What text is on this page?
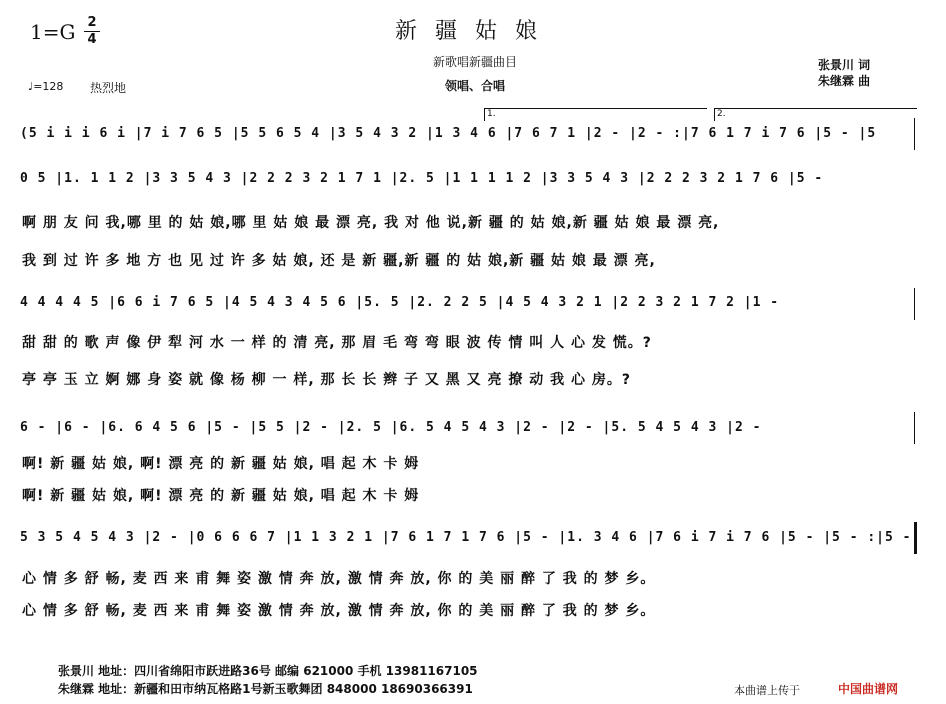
1=G 2
4	新疆姑娘
新歌唱新疆曲目
领唱、合唱
张景川 词
朱继霖 曲
♩=128 热烈地
1.	2.
(5 i i i 6 i |7 i 7 6 5 |5 5 6 5 4 |3 5 4 3 2 |1 3 4 6 |7 6 7 1 |2 - |2 - :|7 6 1 7 i 7 6 |5 - |5
0 5 |1. 1 1 2 |3 3 5 4 3 |2 2 2 3 2 1 7 1 |2. 5 |1 1 1 1 2 |3 3 5 4 3 |2 2 2 3 2 1 7 6 |5 -
啊 朋 友 问 我,哪 里 的 姑 娘,哪 里 姑 娘 最 漂 亮, 我 对 他 说,新 疆 的 姑 娘,新 疆 姑 娘 最 漂 亮,
我 到 过 许 多 地 方 也 见 过 许 多 姑 娘, 还 是 新 疆,新 疆 的 姑 娘,新 疆 姑 娘 最 漂 亮,
4 4 4 4 5 |6 6 i 7 6 5 |4 5 4 3 4 5 6 |5. 5 |2. 2 2 5 |4 5 4 3 2 1 |2 2 3 2 1 7 2 |1 -
甜 甜 的 歌 声 像 伊 犁 河 水 一 样 的 清 亮, 那 眉 毛 弯 弯 眼 波 传 情 叫 人 心 发 慌。?
亭 亭 玉 立 婀 娜 身 姿 就 像 杨 柳 一 样, 那 长 长 辫 子 又 黑 又 亮 撩 动 我 心 房。?
6 - |6 - |6. 6 4 5 6 |5 - |5 5 |2 - |2. 5 |6. 5 4 5 4 3 |2 - |2 - |5. 5 4 5 4 3 |2 -
啊! 新 疆 姑 娘, 啊! 漂 亮 的 新 疆 姑 娘, 唱 起 木 卡 姆
啊! 新 疆 姑 娘, 啊! 漂 亮 的 新 疆 姑 娘, 唱 起 木 卡 姆
5 3 5 4 5 4 3 |2 - |0 6 6 6 7 |1 1 3 2 1 |7 6 1 7 1 7 6 |5 - |1. 3 4 6 |7 6 i 7 i 7 6 |5 - |5 - :|5 -
心 情 多 舒 畅, 麦 西 来 甫 舞 姿 激 情 奔 放, 激 情 奔 放, 你 的 美 丽 醉 了 我 的 梦 乡。
心 情 多 舒 畅, 麦 西 来 甫 舞 姿 激 情 奔 放, 激 情 奔 放, 你 的 美 丽 醉 了 我 的 梦 乡。
张景川 地址：四川省绵阳市跃进路36号 邮编 621000 手机 13981167105
朱继霖 地址：新疆和田市纳瓦格路1号新玉歌舞团 848000 18690366391	本曲谱上传于	中国曲谱网
